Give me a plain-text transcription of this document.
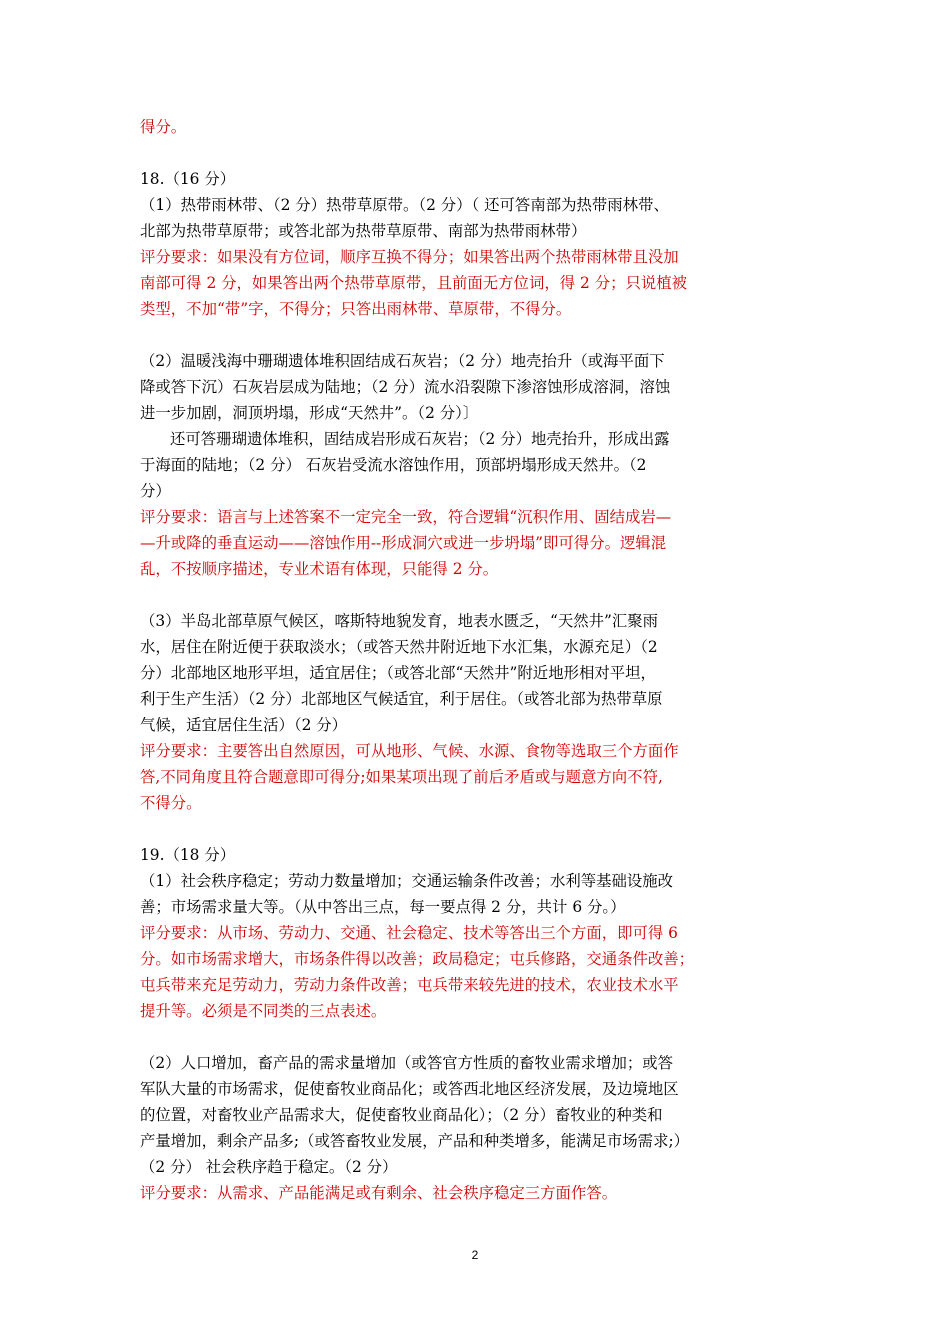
得分。
18.（16 分）
（1）热带雨林带、（2 分）热带草原带。（2 分）（ 还可答南部为热带雨林带、
北部为热带草原带；或答北部为热带草原带、南部为热带雨林带）
评分要求：如果没有方位词，顺序互换不得分；如果答出两个热带雨林带且没加
南部可得 2 分，如果答出两个热带草原带，且前面无方位词，得 2 分；只说植被
类型，不加“带”字，不得分；只答出雨林带、草原带，不得分。
（2）温暖浅海中珊瑚遗体堆积固结成石灰岩；（2 分）地壳抬升（或海平面下
降或答下沉）石灰岩层成为陆地；（2 分）流水沿裂隙下渗溶蚀形成溶洞，溶蚀
进一步加剧，洞顶坍塌，形成“天然井”。（2 分）〕
还可答珊瑚遗体堆积，固结成岩形成石灰岩；（2 分）地壳抬升，形成出露
于海面的陆地；（2 分） 石灰岩受流水溶蚀作用，顶部坍塌形成天然井。（2
分）
评分要求：语言与上述答案不一定完全一致，符合逻辑“沉积作用、固结成岩—
—升或降的垂直运动——溶蚀作用--形成洞穴或进一步坍塌”即可得分。逻辑混
乱，不按顺序描述，专业术语有体现，只能得 2 分。
（3）半岛北部草原气候区，喀斯特地貌发育，地表水匮乏，“天然井”汇聚雨
水，居住在附近便于获取淡水；（或答天然井附近地下水汇集，水源充足）（2
分）北部地区地形平坦，适宜居住；（或答北部“天然井”附近地形相对平坦，
利于生产生活）（2 分）北部地区气候适宜，利于居住。（或答北部为热带草原
气候，适宜居住生活）（2 分）
评分要求：主要答出自然原因，可从地形、气候、水源、食物等选取三个方面作
答,不同角度且符合题意即可得分;如果某项出现了前后矛盾或与题意方向不符,
不得分。
19.（18 分）
（1）社会秩序稳定；劳动力数量增加；交通运输条件改善；水利等基础设施改
善；市场需求量大等。（从中答出三点，每一要点得 2 分，共计 6 分。）
评分要求：从市场、劳动力、交通、社会稳定、技术等答出三个方面，即可得 6
分。如市场需求增大，市场条件得以改善；政局稳定；屯兵修路，交通条件改善；
屯兵带来充足劳动力，劳动力条件改善；屯兵带来较先进的技术，农业技术水平
提升等。必须是不同类的三点表述。
（2）人口增加，畜产品的需求量增加（或答官方性质的畜牧业需求增加；或答
军队大量的市场需求，促使畜牧业商品化；或答西北地区经济发展，及边境地区
的位置，对畜牧业产品需求大，促使畜牧业商品化）；（2 分）畜牧业的种类和
产量增加，剩余产品多;（或答畜牧业发展，产品和种类增多，能满足市场需求;）
（2 分） 社会秩序趋于稳定。（2 分）
评分要求：从需求、产品能满足或有剩余、社会秩序稳定三方面作答。
2
